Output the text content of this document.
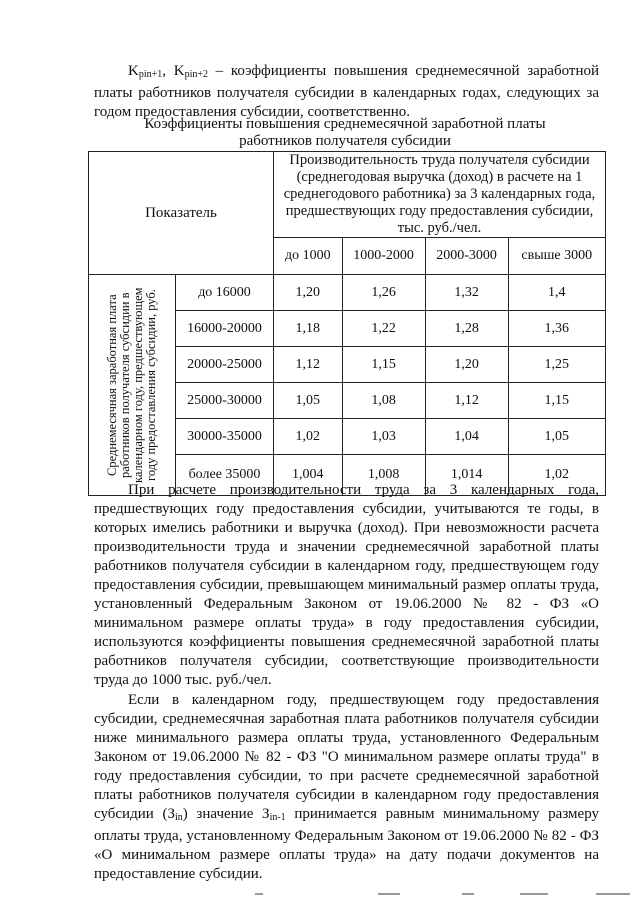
$K_{pin+1}$, $K_{pin+2}$ – коэффициенты повышения среднемесячной заработной платы работников получателя субсидии в календарных годах, следующих за годом предоставления субсидии, соответственно.
Коэффициенты повышения среднемесячной заработной платы работников получателя субсидии
Показатель		Производительность труда получателя субсидии (среднегодовая выручка (доход) в расчете на 1 среднегодового работника) за 3 календарных года, предшествующих году предоставления субсидии, тыс. руб./чел.			
		до 1000	1000-2000	2000-3000	свыше 3000

Среднемесячная заработная плата работников получателя субсидии в календарном году, предшествующем году предоставления субсидии, руб.	до 16000	1,20	1,26	1,32	1,4
	16000-20000	1,18	1,22	1,28	1,36
	20000-25000	1,12	1,15	1,20	1,25
	25000-30000	1,05	1,08	1,12	1,15
	30000-35000	1,02	1,03	1,04	1,05
	более 35000	1,004	1,008	1,014	1,02

При расчете производительности труда за 3 календарных года, предшествующих году предоставления субсидии, учитываются те годы, в которых имелись работники и выручка (доход). При невозможности расчета производительности труда и значении среднемесячной заработной платы работников получателя субсидии в календарном году, предшествующем году предоставления субсидии, превышающем минимальный размер оплаты труда, установленный Федеральным Законом от 19.06.2000 № 82 - ФЗ «О минимальном размере оплаты труда» в году предоставления субсидии, используются коэффициенты повышения среднемесячной заработной платы работников получателя субсидии, соответствующие производительности труда до 1000 тыс. руб./чел.

Если в календарном году, предшествующем году предоставления субсидии, среднемесячная заработная плата работников получателя субсидии ниже минимального размера оплаты труда, установленного Федеральным Законом от 19.06.2000 № 82 - ФЗ "О минимальном размере оплаты труда" в году предоставления субсидии, то при расчете среднемесячной заработной платы работников получателя субсидии в календарном году предоставления субсидии $(З_{in})$ значение $З_{in-1}$ принимается равным минимальному размеру оплаты труда, установленному Федеральным Законом от 19.06.2000 № 82 - ФЗ «О минимальном размере оплаты труда» на дату подачи документов на предоставление субсидии.
